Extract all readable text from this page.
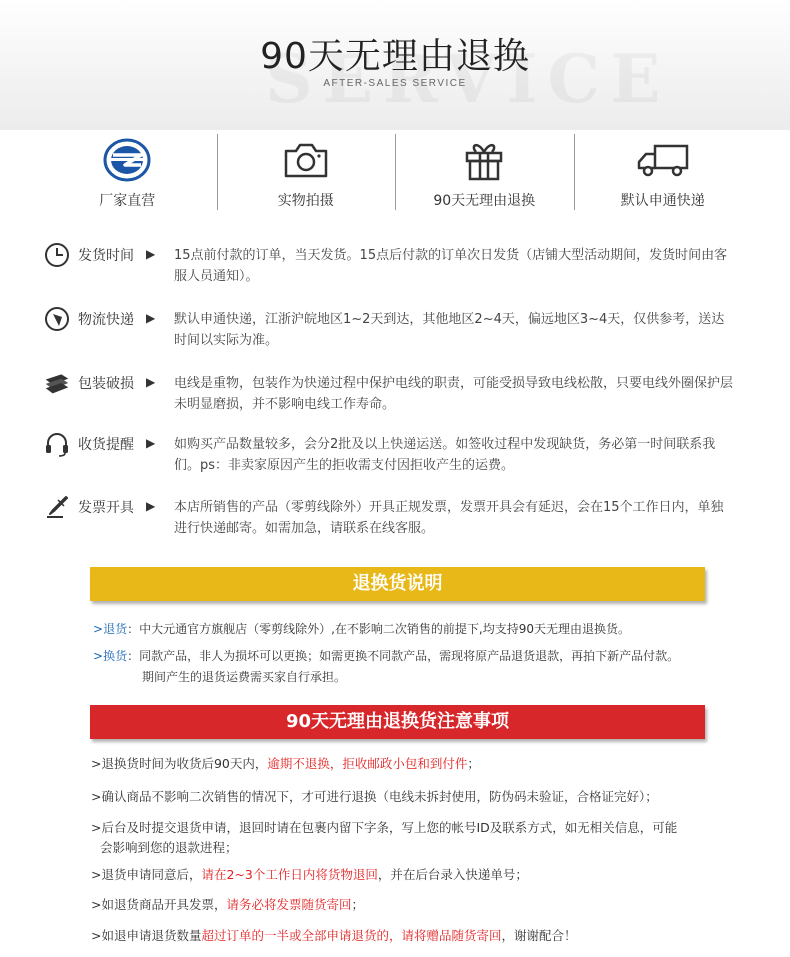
90天无理由退换
AFTER-SALES SERVICE
厂家直营	实物拍摄	90天无理由退换	默认申通快递
发货时间 ▶ 15点前付款的订单，当天发货。15点后付款的订单次日发货（店铺大型活动期间，发货时间由客服人员通知）。
物流快递 ▶ 默认申通快递，江浙沪皖地区1~2天到达，其他地区2~4天，偏远地区3~4天，仅供参考，送达时间以实际为准。
包装破损 ▶ 电线是重物，包装作为快递过程中保护电线的职责，可能受损导致电线松散，只要电线外圈保护层未明显磨损，并不影响电线工作寿命。
收货提醒 ▶ 如购买产品数量较多，会分2批及以上快递运送。如签收过程中发现缺货，务必第一时间联系我们。ps：非卖家原因产生的拒收需支付因拒收产生的运费。
发票开具 ▶ 本店所销售的产品（零剪线除外）开具正规发票，发票开具会有延迟，会在15个工作日内，单独进行快递邮寄。如需加急，请联系在线客服。
退换货说明
>退货：中大元通官方旗舰店（零剪线除外）,在不影响二次销售的前提下,均支持90天无理由退换货。
>换货：同款产品，非人为损坏可以更换；如需更换不同款产品，需现将原产品退货退款，再拍下新产品付款。
期间产生的退货运费需买家自行承担。
90天无理由退换货注意事项
>退换货时间为收货后90天内，逾期不退换，拒收邮政小包和到付件；
>确认商品不影响二次销售的情况下，才可进行退换（电线未拆封使用，防伪码未验证，合格证完好）；
>后台及时提交退货申请，退回时请在包裹内留下字条，写上您的帐号ID及联系方式，如无相关信息，可能
会影响到您的退款进程；
>退货申请同意后，请在2~3个工作日内将货物退回，并在后台录入快递单号；
>如退货商品开具发票，请务必将发票随货寄回；
>如退申请退货数量超过订单的一半或全部申请退货的，请将赠品随货寄回，谢谢配合！
